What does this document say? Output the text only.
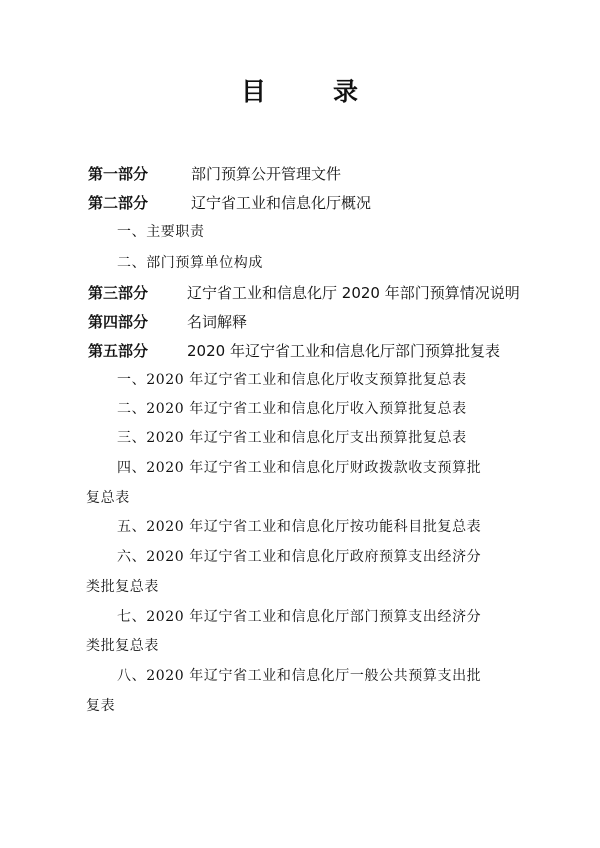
目	录
第一部分	部门预算公开管理文件
第二部分	辽宁省工业和信息化厅概况
一、主要职责
二、部门预算单位构成
第三部分	辽宁省工业和信息化厅 2020 年部门预算情况说明
第四部分	名词解释
第五部分	2020 年辽宁省工业和信息化厅部门预算批复表
一、2020 年辽宁省工业和信息化厅收支预算批复总表
二、2020 年辽宁省工业和信息化厅收入预算批复总表
三、2020 年辽宁省工业和信息化厅支出预算批复总表
四、2020 年辽宁省工业和信息化厅财政拨款收支预算批
复总表
五、2020 年辽宁省工业和信息化厅按功能科目批复总表
六、2020 年辽宁省工业和信息化厅政府预算支出经济分
类批复总表
七、2020 年辽宁省工业和信息化厅部门预算支出经济分
类批复总表
八、2020 年辽宁省工业和信息化厅一般公共预算支出批
复表
